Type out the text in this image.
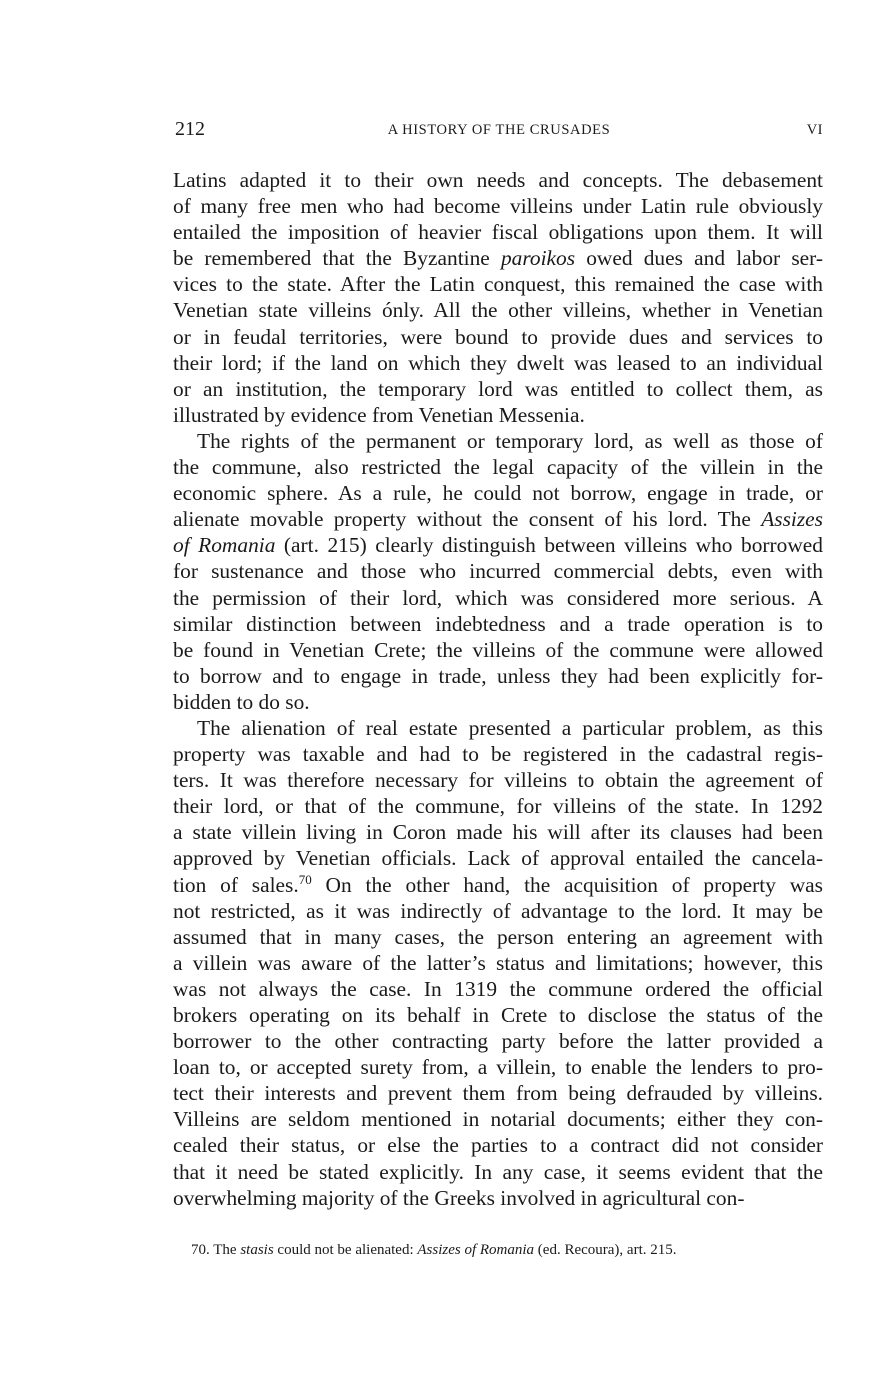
212	A HISTORY OF THE CRUSADES	VI
Latins adapted it to their own needs and concepts. The debasement
of many free men who had become villeins under Latin rule obviously
entailed the imposition of heavier fiscal obligations upon them. It will
be remembered that the Byzantine paroikos owed dues and labor ser-
vices to the state. After the Latin conquest, this remained the case with
Venetian state villeins ónly. All the other villeins, whether in Venetian
or in feudal territories, were bound to provide dues and services to
their lord; if the land on which they dwelt was leased to an individual
or an institution, the temporary lord was entitled to collect them, as
illustrated by evidence from Venetian Messenia.
The rights of the permanent or temporary lord, as well as those of
the commune, also restricted the legal capacity of the villein in the
economic sphere. As a rule, he could not borrow, engage in trade, or
alienate movable property without the consent of his lord. The Assizes
of Romania (art. 215) clearly distinguish between villeins who borrowed
for sustenance and those who incurred commercial debts, even with
the permission of their lord, which was considered more serious. A
similar distinction between indebtedness and a trade operation is to
be found in Venetian Crete; the villeins of the commune were allowed
to borrow and to engage in trade, unless they had been explicitly for-
bidden to do so.
The alienation of real estate presented a particular problem, as this
property was taxable and had to be registered in the cadastral regis-
ters. It was therefore necessary for villeins to obtain the agreement of
their lord, or that of the commune, for villeins of the state. In 1292
a state villein living in Coron made his will after its clauses had been
approved by Venetian officials. Lack of approval entailed the cancela-
tion of sales.$^{70}$ On the other hand, the acquisition of property was
not restricted, as it was indirectly of advantage to the lord. It may be
assumed that in many cases, the person entering an agreement with
a villein was aware of the latter’s status and limitations; however, this
was not always the case. In 1319 the commune ordered the official
brokers operating on its behalf in Crete to disclose the status of the
borrower to the other contracting party before the latter provided a
loan to, or accepted surety from, a villein, to enable the lenders to pro-
tect their interests and prevent them from being defrauded by villeins.
Villeins are seldom mentioned in notarial documents; either they con-
cealed their status, or else the parties to a contract did not consider
that it need be stated explicitly. In any case, it seems evident that the
overwhelming majority of the Greeks involved in agricultural con-
70. The stasis could not be alienated: Assizes of Romania (ed. Recoura), art. 215.
